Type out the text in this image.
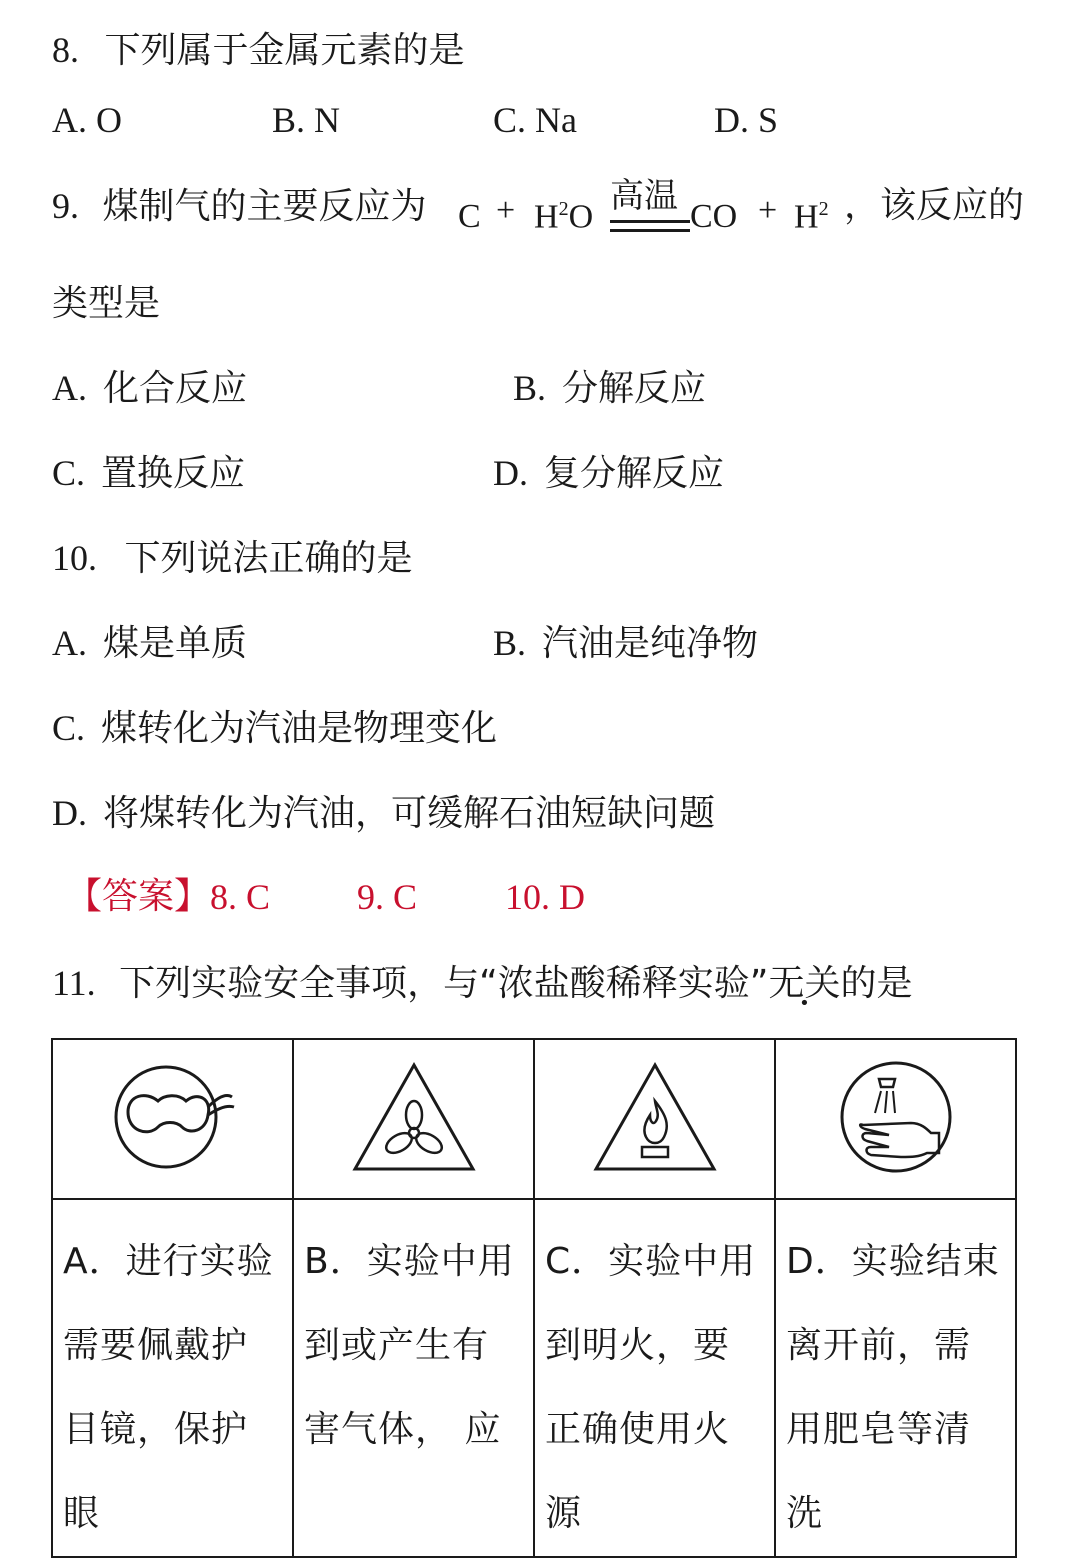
8. 下列属于金属元素的是
A. O	B. N	C. Na	D. S
9. 煤制气的主要反应为 $C + H_2O$
高温
CO + $H_2$ ，该反应的
类型是
A. 化合反应	B. 分解反应
C. 置换反应	D. 复分解反应
10. 下列说法正确的是
A. 煤是单质	B. 汽油是纯净物
C. 煤转化为汽油是物理变化
D. 将煤转化为汽油，可缓解石油短缺问题
【答案】 8. C 9. C 10. D
11. 下列实验安全事项，与“浓盐酸稀释实验”无关的是

A．进行实验需要佩戴护目镜，保护眼	B．实验中用到或产生有害气体， 应	C．实验中用到明火，要正确使用火源	D．实验结束离开前，需用肥皂等清洗
